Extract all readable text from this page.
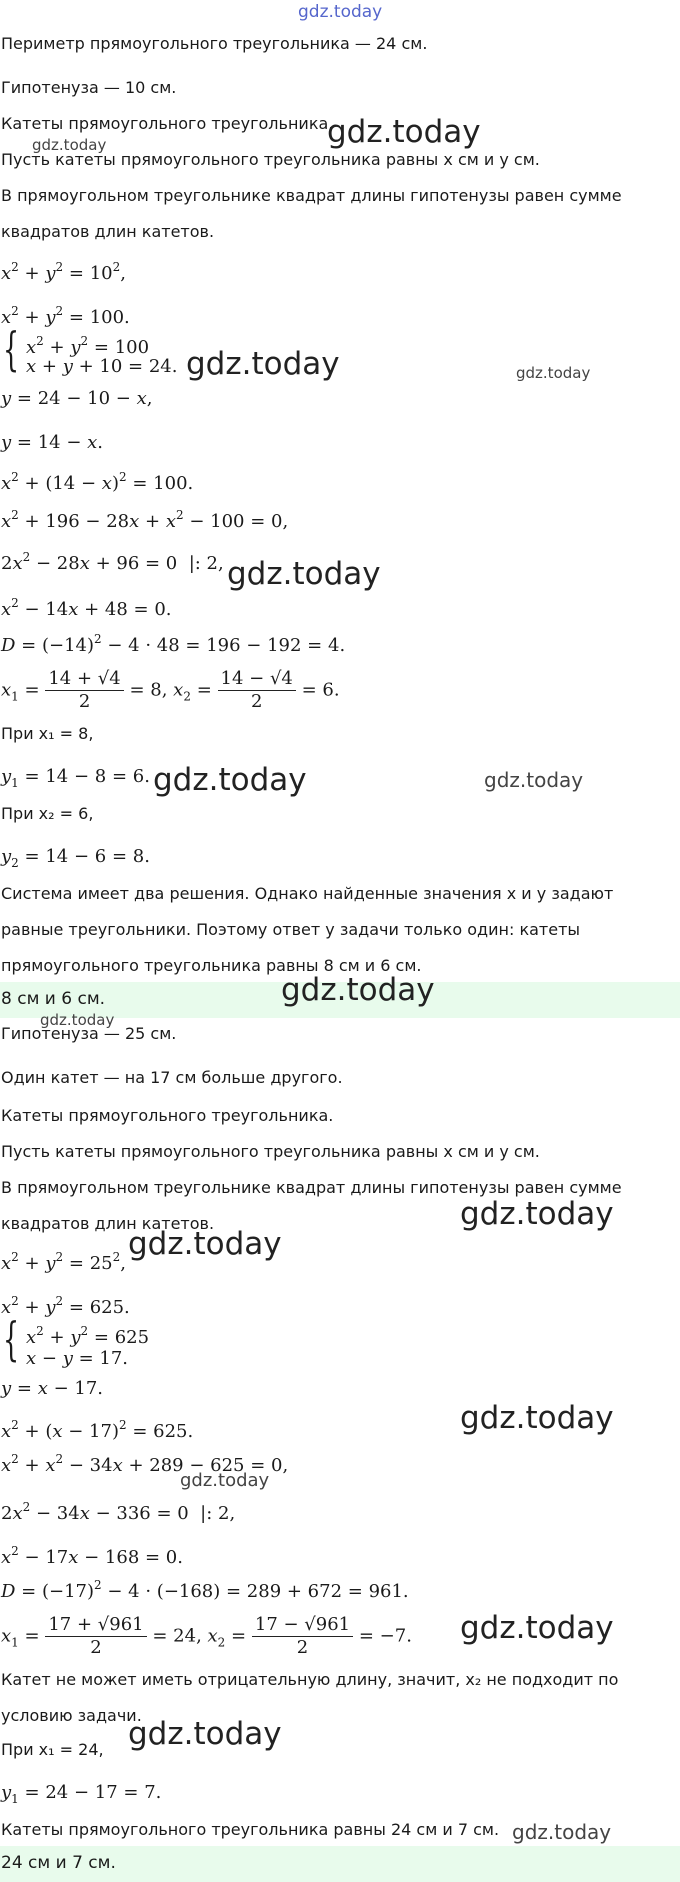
gdz.today
Периметр прямоугольного треугольника — 24 см.
Гипотенуза — 10 см.
Катеты прямоугольного треугольника.
Пусть катеты прямоугольного треугольника равны x см и y см.
В прямоугольном треугольнике квадрат длины гипотенузы равен сумме
квадратов длин катетов.
$x^2 + y^2 = 10^2$,
$x^2 + y^2 = 100$.
{ $x^2 + y^2 = 100$
x + y + 10 = 24.
y = 24 − 10 − x,
y = 14 − x.
$x^2 + (14 - x)^2 = 100$.
$x^2 + 196 - 28x + x^2 - 100 = 0$,
$2x^2 - 28x + 96 = 0$  |: 2,
$x^2 - 14x + 48 = 0$.
$D = (-14)^2 - 4 \cdot 48 = 196 - 192 = 4$.
$x_1 = \frac{14 + √4}{2} = 8$, $x_2 = \frac{14 - √4}{2} = 6$.
При x₁ = 8,
$y_1 = 14 - 8 = 6$.
При x₂ = 6,
$y_2 = 14 - 6 = 8$.
Система имеет два решения. Однако найденные значения x и y задают
равные треугольники. Поэтому ответ у задачи только один: катеты
прямоугольного треугольника равны 8 см и 6 см.
8 см и 6 см.
Гипотенуза — 25 см.
Один катет — на 17 см больше другого.
Катеты прямоугольного треугольника.
Пусть катеты прямоугольного треугольника равны x см и y см.
В прямоугольном треугольнике квадрат длины гипотенузы равен сумме
квадратов длин катетов.
$x^2 + y^2 = 25^2$,
$x^2 + y^2 = 625$.
{ $x^2 + y^2 = 625$
x − y = 17.
y = x − 17.
$x^2 + (x - 17)^2 = 625$.
$x^2 + x^2 - 34x + 289 - 625 = 0$,
$2x^2 - 34x - 336 = 0$  |: 2,
$x^2 - 17x - 168 = 0$.
$D = (-17)^2 - 4 \cdot (-168) = 289 + 672 = 961$.
$x_1 = \frac{17 + √961}{2} = 24$, $x_2 = \frac{17 - √961}{2} = -7$.
Катет не может иметь отрицательную длину, значит, x₂ не подходит по
условию задачи.
При x₁ = 24,
$y_1 = 24 - 17 = 7$.
Катеты прямоугольного треугольника равны 24 см и 7 см.
24 см и 7 см.
gdz.today
gdz.today
gdz.today	gdz.today
gdz.today
gdz.today	gdz.today
gdz.today
gdz.today
gdz.today
gdz.today
gdz.today
gdz.today
gdz.today
gdz.today
gdz.today
